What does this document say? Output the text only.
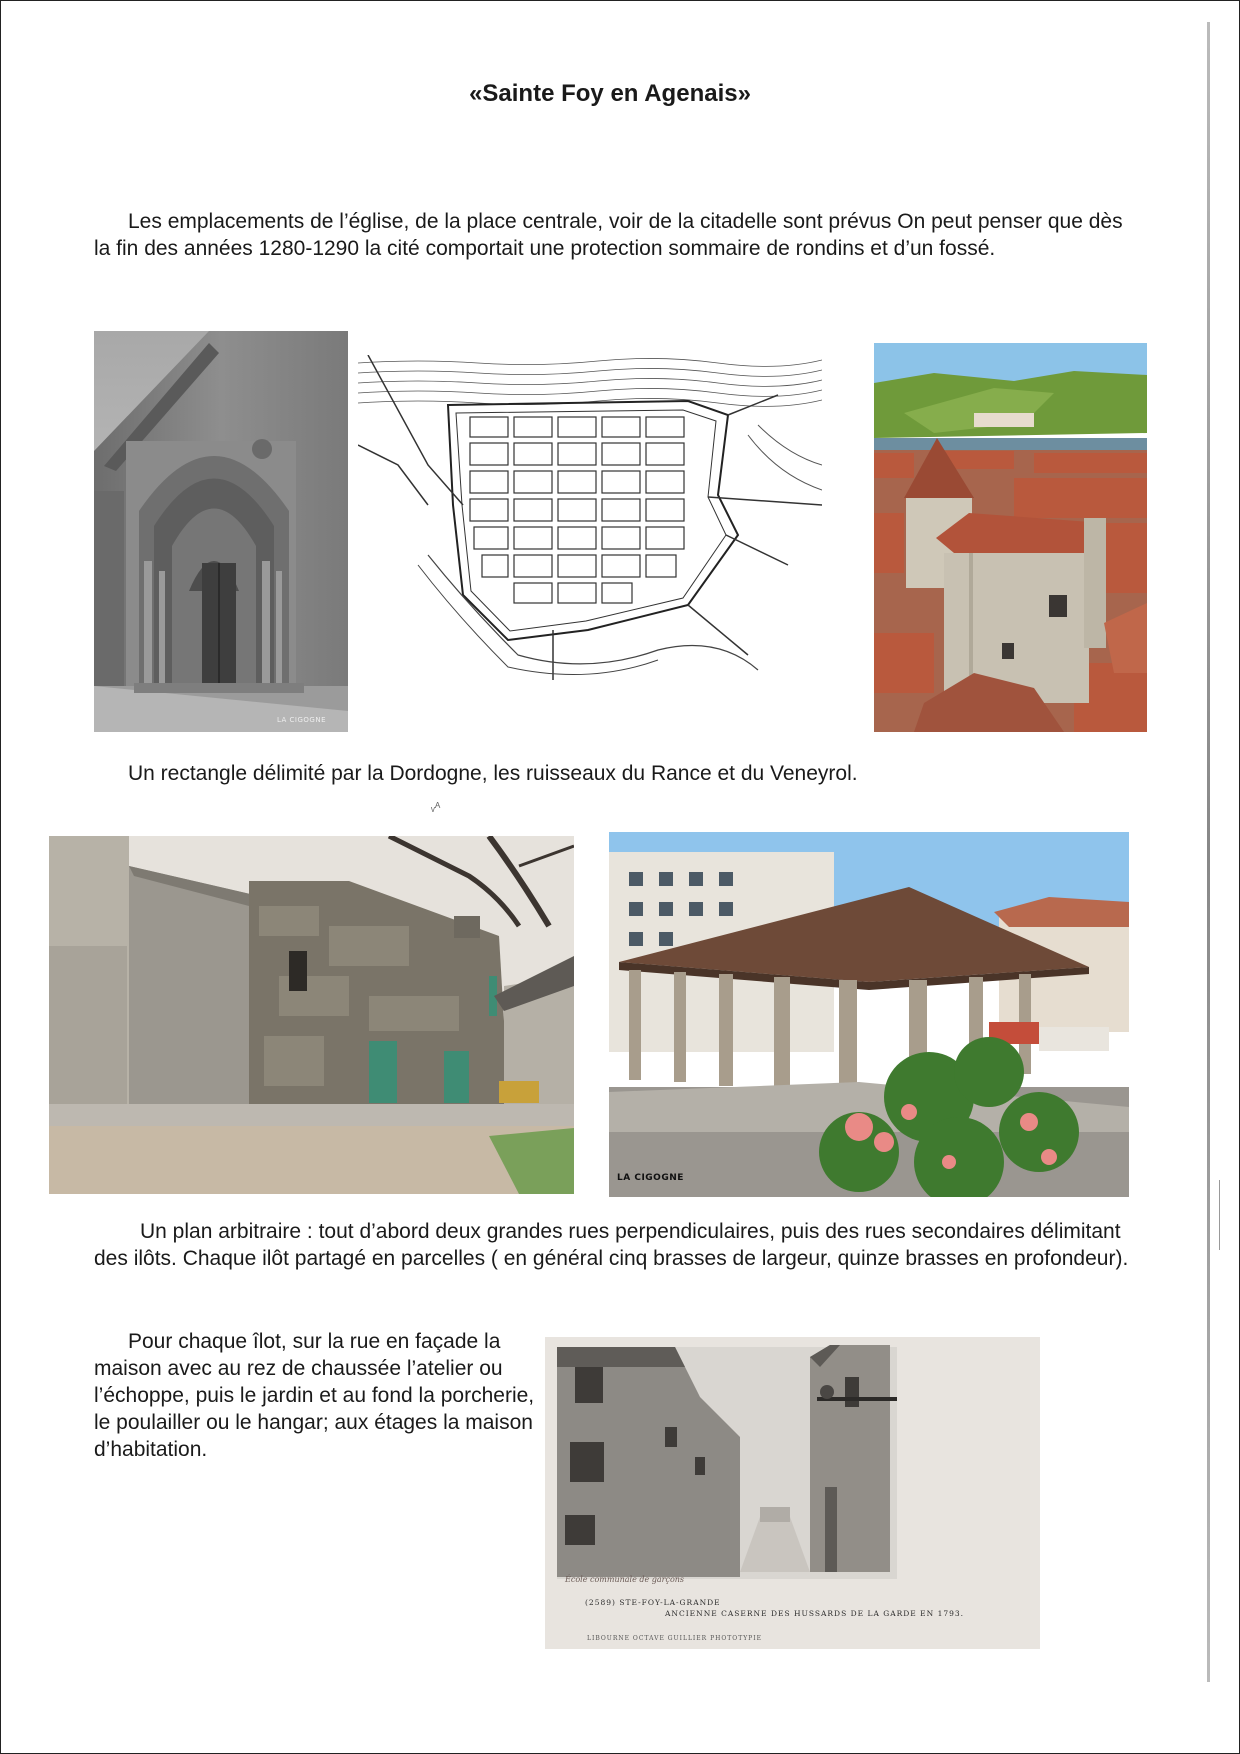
«Sainte Foy en Agenais»

Les emplacements de l’église, de la place centrale, voir de la citadelle sont prévus On peut penser que dès la fin des années 1280-1290 la cité comportait une protection sommaire de rondins et d’un fossé.

LA CIGOGNE

Un rectangle délimité par la Dordogne, les ruisseaux du Rance et du Veneyrol.

ᵥᴬ
LA CIGOGNE

Un plan arbitraire : tout d’abord deux grandes rues perpendiculaires, puis des rues secondaires délimitant des ilôts. Chaque ilôt partagé en parcelles ( en général cinq brasses de largeur, quinze brasses en profondeur).

Pour chaque îlot, sur la rue en façade la maison avec au rez de chaussée l’atelier ou l’échoppe, puis le jardin et au fond la porcherie, le poulailler ou le hangar; aux étages la maison d’habitation.

École communale de garçons
(2589) STE-FOY-LA-GRANDE
ANCIENNE CASERNE DES HUSSARDS DE LA GARDE EN 1793.
LIBOURNE OCTAVE GUILLIER PHOTOTYPIE
